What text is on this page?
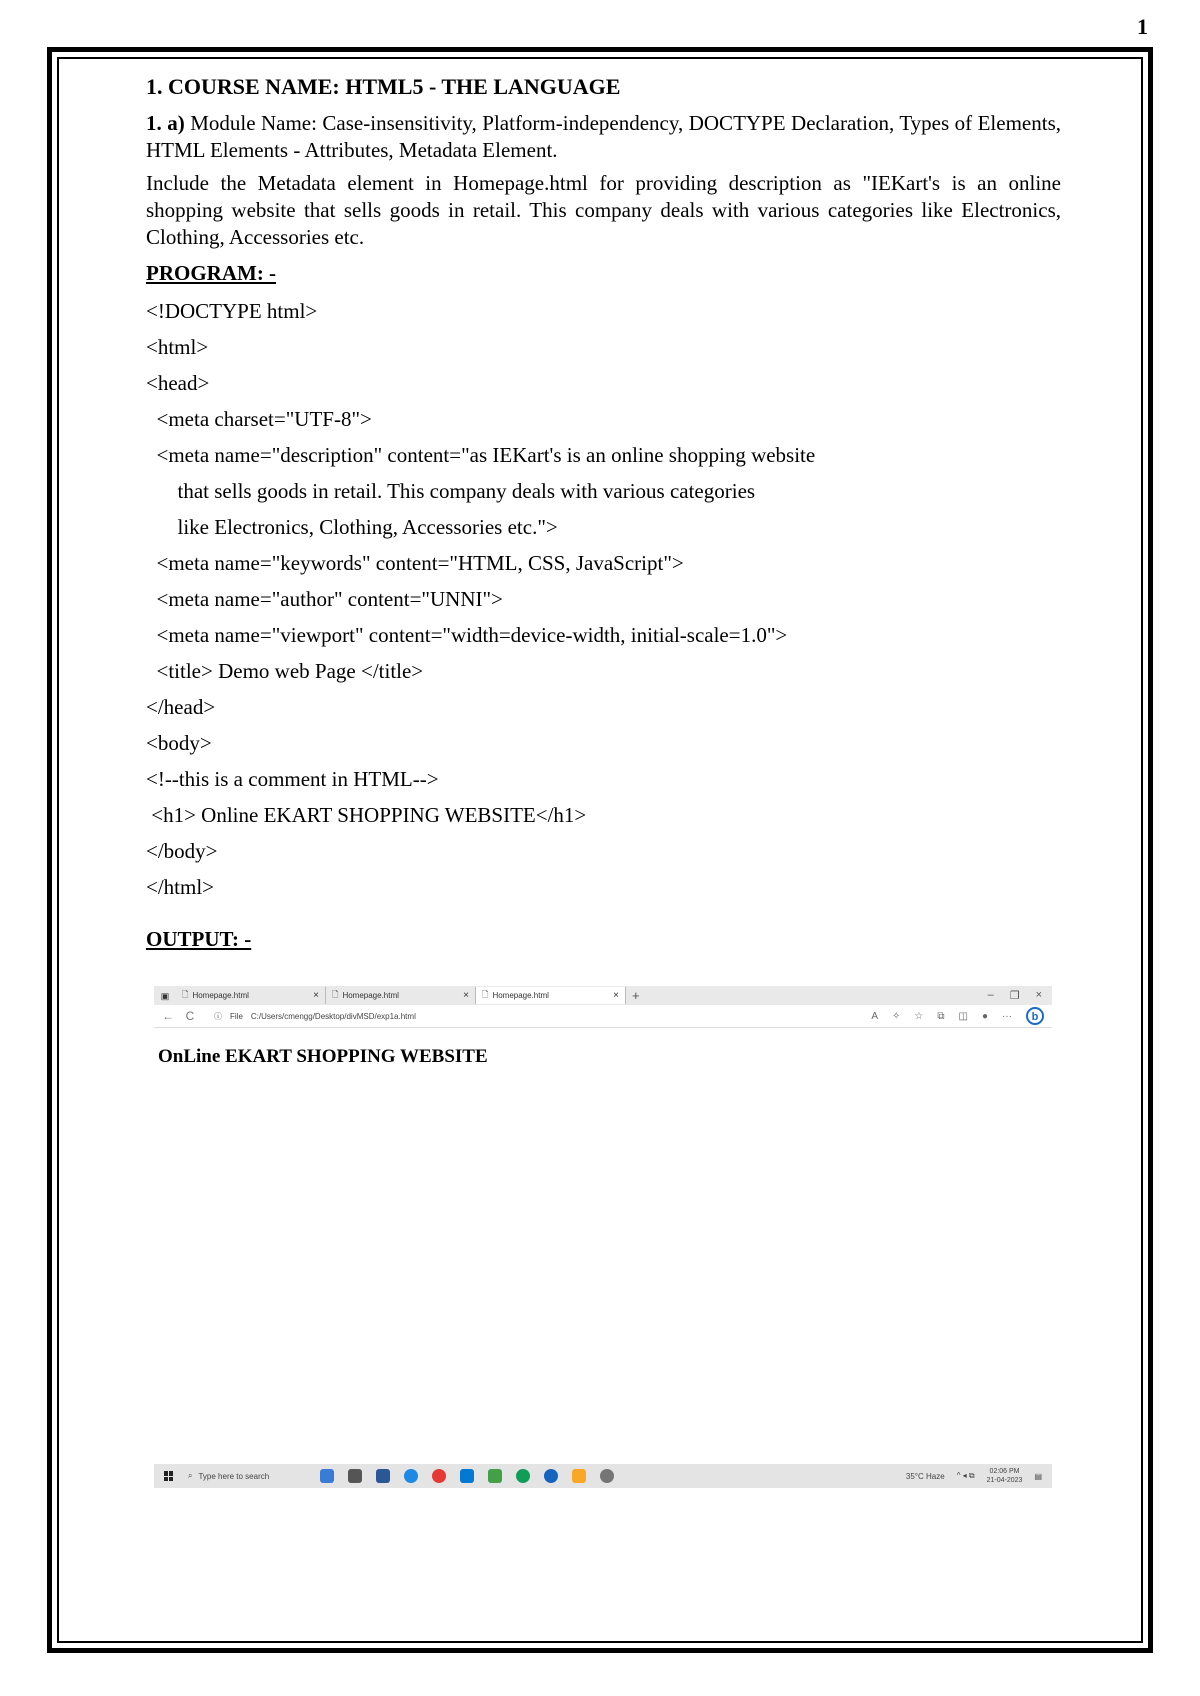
1
1. COURSE NAME: HTML5 - THE LANGUAGE

1. a) Module Name: Case-insensitivity, Platform-independency, DOCTYPE Declaration, Types of Elements, HTML Elements - Attributes, Metadata Element.

Include the Metadata element in Homepage.html for providing description as "IEKart's is an online shopping website that sells goods in retail. This company deals with various categories like Electronics, Clothing, Accessories etc.

PROGRAM: -
<!DOCTYPE html>
<html>
<head>
<meta charset="UTF-8">
<meta name="description" content="as IEKart's is an online shopping website
that sells goods in retail. This company deals with various categories
like Electronics, Clothing, Accessories etc.">
<meta name="keywords" content="HTML, CSS, JavaScript">
<meta name="author" content="UNNI">
<meta name="viewport" content="width=device-width, initial-scale=1.0">
<title> Demo web Page </title>
</head>
<body>
<!--this is a comment in HTML-->
<h1> Online EKART SHOPPING WEBSITE</h1>
</body>
</html>
OUTPUT: -
▣ 🗋 Homepage.html	× 🗋 Homepage.html	× 🗋 Homepage.html	× +	– ❐ ×
← C	ⓘ File C:/Users/cmengg/Desktop/divMSD/exp1a.html	A ✧ ☆ ⧉ ◫ ● ···	b
OnLine EKART SHOPPING WEBSITE
⌕ Type here to search	35°C Haze ^ ◂ ⧉	02:06 PM
21-04-2023 ▤
